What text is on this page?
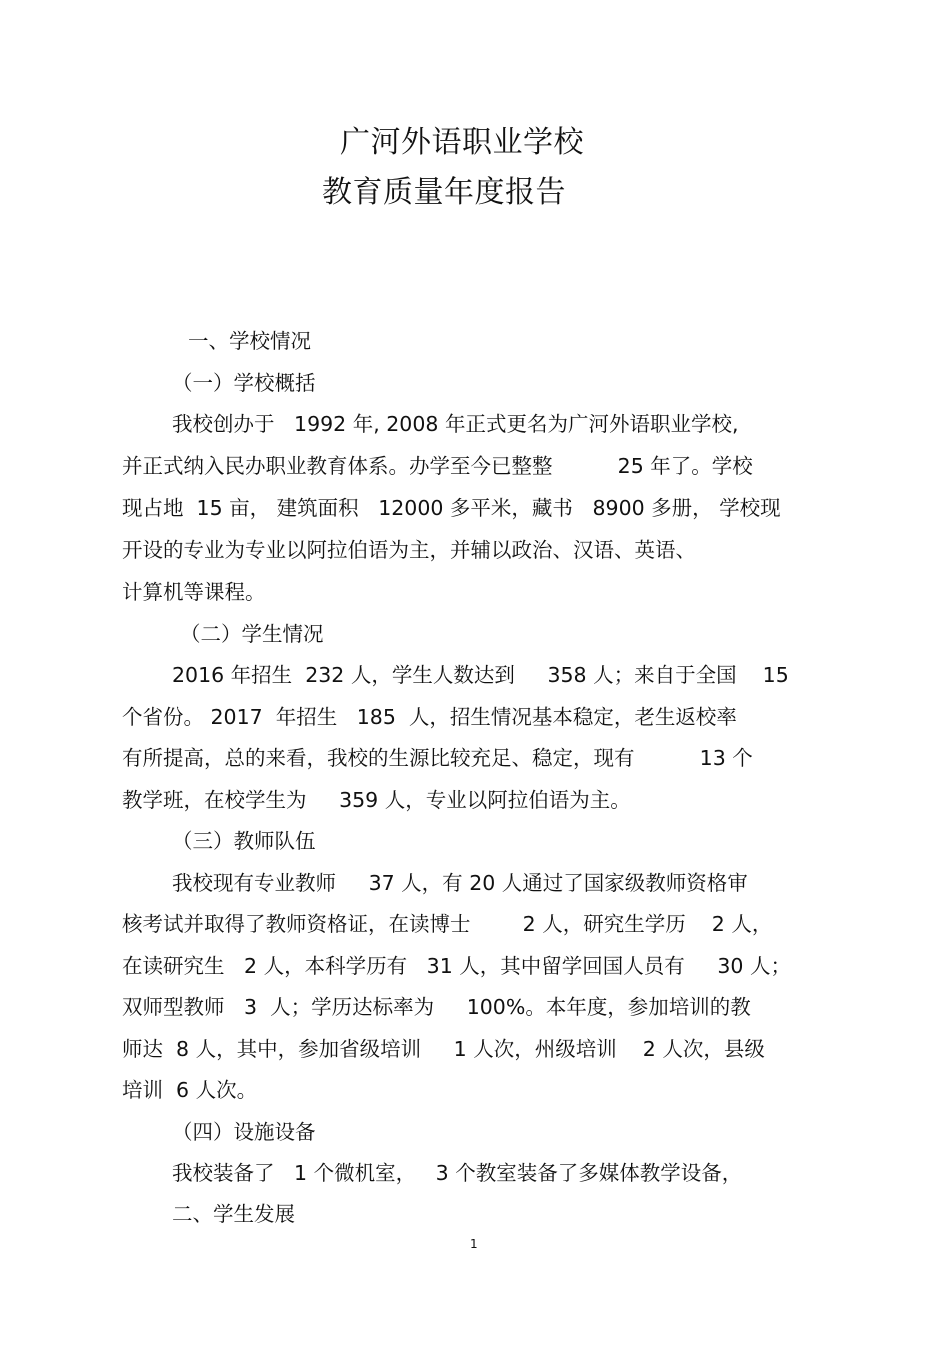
广河外语职业学校
教育质量年度报告
一、学校情况
（一）学校概括
我校创办于   1992 年, 2008 年正式更名为广河外语职业学校,
并正式纳入民办职业教育体系。办学至今已整整          25 年了。学校
现占地  15 亩， 建筑面积   12000 多平米，藏书   8900 多册， 学校现
开设的专业为专业以阿拉伯语为主，并辅以政治、汉语、英语、
计算机等课程。
（二）学生情况
2016 年招生  232 人，学生人数达到     358 人；来自于全国    15
个省份。 2017  年招生   185  人，招生情况基本稳定，老生返校率
有所提高，总的来看，我校的生源比较充足、稳定，现有          13 个
教学班，在校学生为     359 人，专业以阿拉伯语为主。
（三）教师队伍
我校现有专业教师     37 人，有 20 人通过了国家级教师资格审
核考试并取得了教师资格证，在读博士        2 人，研究生学历    2 人，
在读研究生   2 人，本科学历有   31 人，其中留学回国人员有     30 人；
双师型教师   3  人；学历达标率为     100%。本年度，参加培训的教
师达  8 人，其中，参加省级培训     1 人次，州级培训    2 人次，县级
培训  6 人次。
（四）设施设备
我校装备了   1 个微机室，   3 个教室装备了多媒体教学设备，
二、学生发展
1
